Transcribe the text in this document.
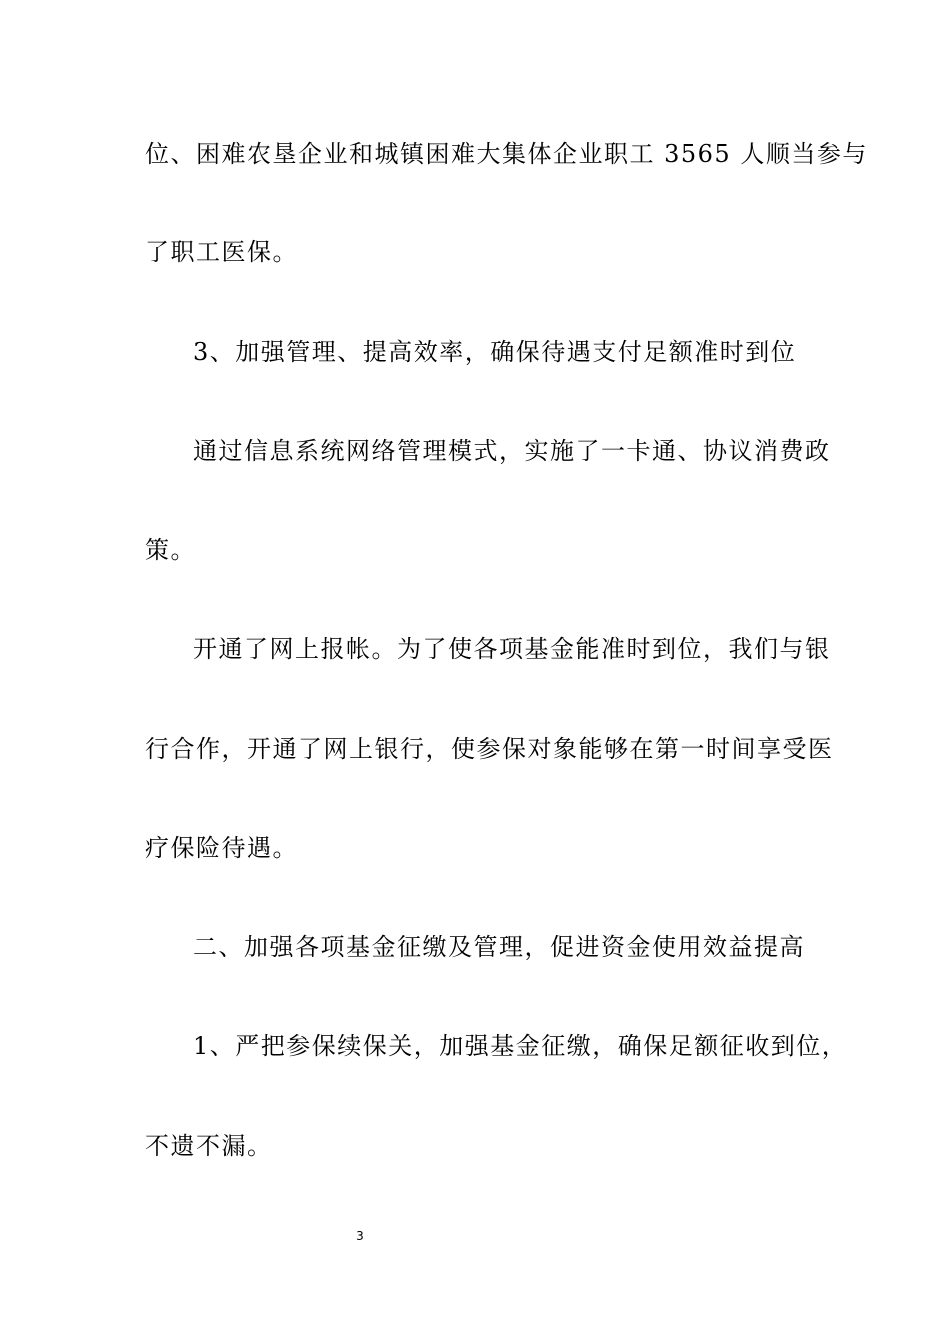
位、困难农垦企业和城镇困难大集体企业职工 3565 人顺当参与
了职工医保。
3、加强管理、提高效率，确保待遇支付足额准时到位
通过信息系统网络管理模式，实施了一卡通、协议消费政
策。
开通了网上报帐。为了使各项基金能准时到位，我们与银
行合作，开通了网上银行，使参保对象能够在第一时间享受医
疗保险待遇。
二、加强各项基金征缴及管理，促进资金使用效益提高
1、严把参保续保关，加强基金征缴，确保足额征收到位，
不遗不漏。
3
